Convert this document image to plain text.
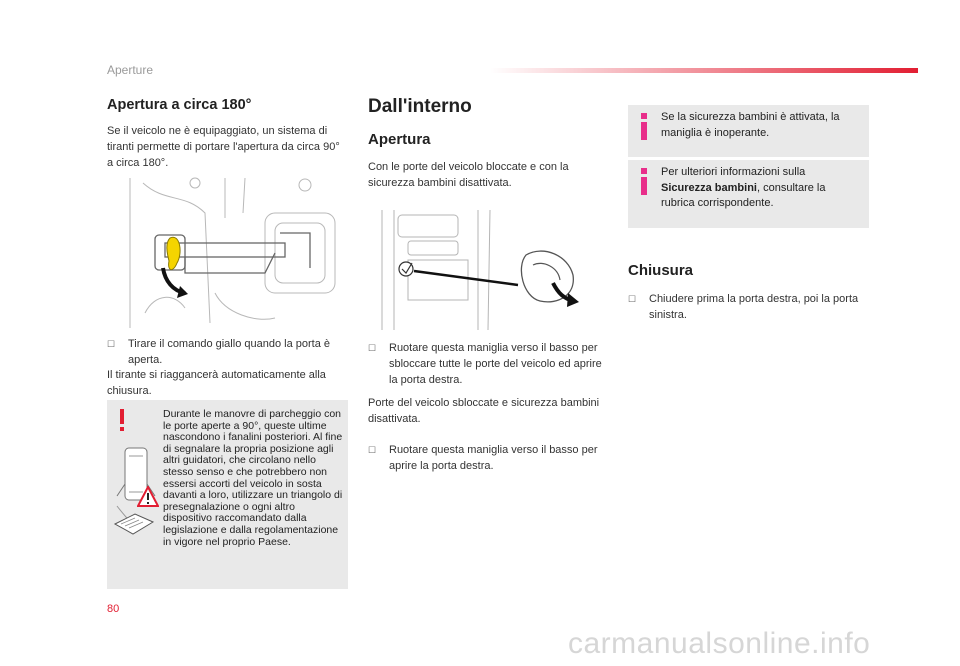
Aperture
Apertura a circa 180°

Se il veicolo ne è equipaggiato, un sistema di tiranti permette di portare l'apertura da circa 90° a circa 180°.

☐	Tirare il comando giallo quando la porta è aperta.

Il tirante si riaggancerà automaticamente alla chiusura.

Durante le manovre di parcheggio con le porte aperte a 90°, queste ultime nascondono i fanalini posteriori. Al fine di segnalare la propria posizione agli altri guidatori, che circolano nello stesso senso e che potrebbero non essersi accorti del veicolo in sosta davanti a loro, utilizzare un triangolo di presegnalazione o ogni altro dispositivo raccomandato dalla legislazione e dalla regolamentazione in vigore nel proprio Paese.
Dall'interno
Apertura

Con le porte del veicolo bloccate e con la sicurezza bambini disattivata.

☐	Ruotare questa maniglia verso il basso per sbloccare tutte le porte del veicolo ed aprire la porta destra.

Porte del veicolo sbloccate e sicurezza bambini disattivata.

☐	Ruotare questa maniglia verso il basso per aprire la porta destra.
Se la sicurezza bambini è attivata, la maniglia è inoperante.
Per ulteriori informazioni sulla Sicurezza bambini, consultare la rubrica corrispondente.
Chiusura
☐	Chiudere prima la porta destra, poi la porta sinistra.
80
carmanualsonline.info
